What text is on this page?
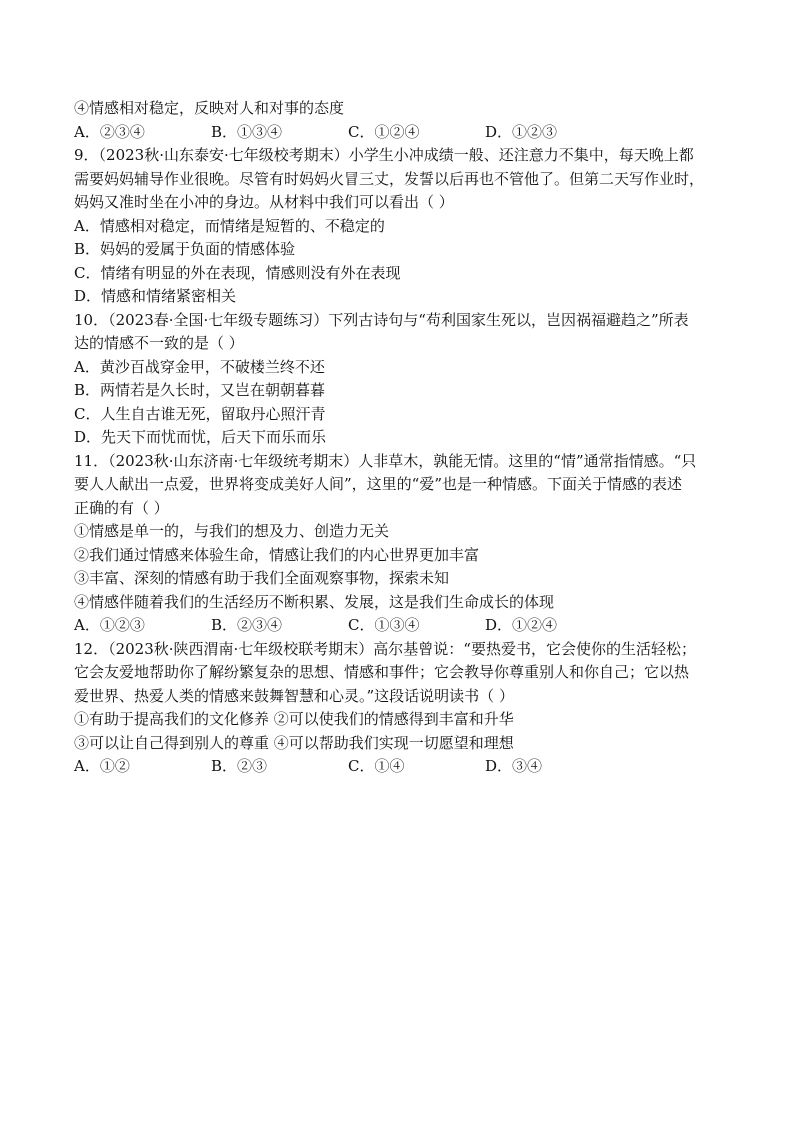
④情感相对稳定，反映对人和对事的态度
A．②③④	B．①③④	C．①②④	D．①②③
9．（2023秋·山东泰安·七年级校考期末）小学生小冲成绩一般、还注意力不集中，每天晚上都
需要妈妈辅导作业很晚。尽管有时妈妈火冒三丈，发誓以后再也不管他了。但第二天写作业时，
妈妈又准时坐在小冲的身边。从材料中我们可以看出（ ）
A．情感相对稳定，而情绪是短暂的、不稳定的
B．妈妈的爱属于负面的情感体验
C．情绪有明显的外在表现，情感则没有外在表现
D．情感和情绪紧密相关
10．（2023春·全国·七年级专题练习）下列古诗句与“苟利国家生死以，岂因祸福避趋之”所表
达的情感不一致的是（ ）
A．黄沙百战穿金甲，不破楼兰终不还
B．两情若是久长时，又岂在朝朝暮暮
C．人生自古谁无死，留取丹心照汗青
D．先天下而忧而忧，后天下而乐而乐
11．（2023秋·山东济南·七年级统考期末）人非草木，孰能无情。这里的“情”通常指情感。“只
要人人献出一点爱，世界将变成美好人间”，这里的“爱”也是一种情感。下面关于情感的表述
正确的有（ ）
①情感是单一的，与我们的想及力、创造力无关
②我们通过情感来体验生命，情感让我们的内心世界更加丰富
③丰富、深刻的情感有助于我们全面观察事物，探索未知
④情感伴随着我们的生活经历不断积累、发展，这是我们生命成长的体现
A．①②③	B．②③④	C．①③④	D．①②④
12．（2023秋·陕西渭南·七年级校联考期末）高尔基曾说：“要热爱书，它会使你的生活轻松；
它会友爱地帮助你了解纷繁复杂的思想、情感和事件；它会教导你尊重别人和你自己；它以热
爱世界、热爱人类的情感来鼓舞智慧和心灵。”这段话说明读书（ ）
①有助于提高我们的文化修养 ②可以使我们的情感得到丰富和升华
③可以让自己得到别人的尊重 ④可以帮助我们实现一切愿望和理想
A．①②	B．②③	C．①④	D．③④
